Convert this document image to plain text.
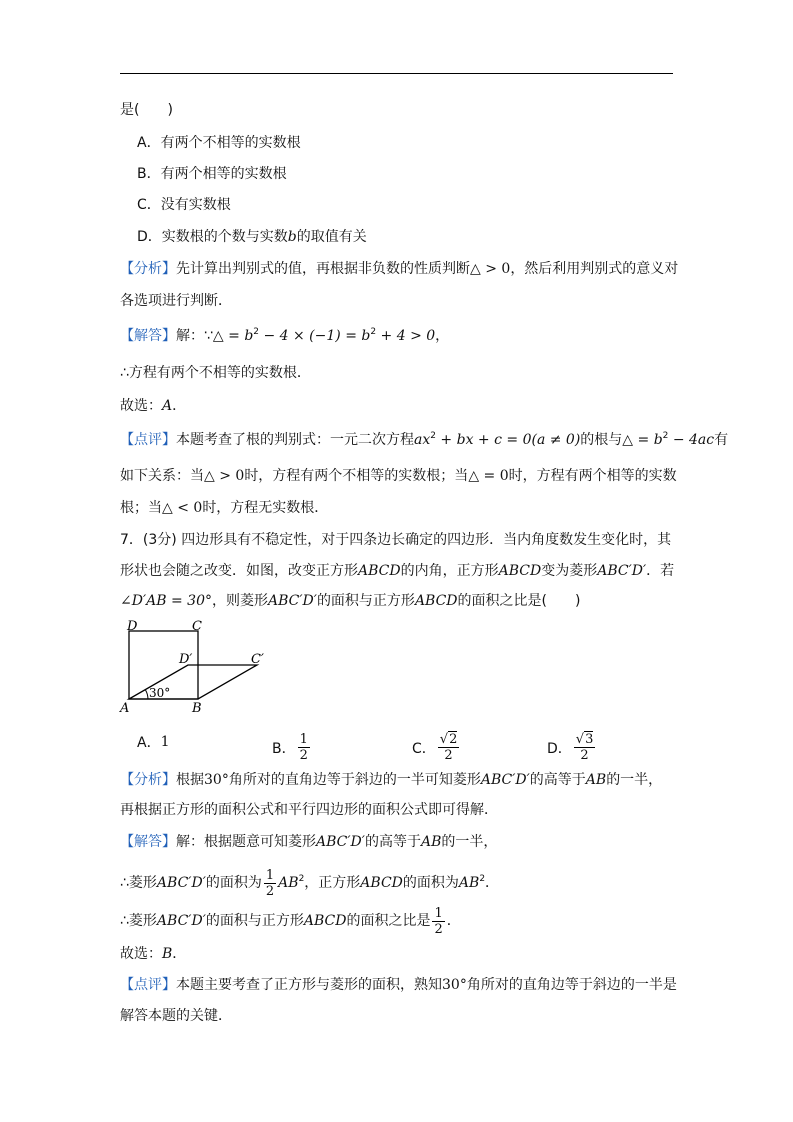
是(　　)
A．有两个不相等的实数根
B．有两个相等的实数根
C．没有实数根
D．实数根的个数与实数b的取值有关
【分析】先计算出判别式的值，再根据非负数的性质判断△ > 0，然后利用判别式的意义对
各选项进行判断．
【解答】解：∵△ = $b^2 - 4 \times (-1) = b^2 + 4 > 0$，
∴方程有两个不相等的实数根．
故选：A．
【点评】本题考查了根的判别式：一元二次方程$ax^2$ + bx + c = 0(a ≠ 0)的根与△ = $b^2 - 4ac$有
如下关系：当△ > 0时，方程有两个不相等的实数根；当△ = 0时，方程有两个相等的实数
根；当△ < 0时，方程无实数根．
7．(3分) 四边形具有不稳定性，对于四条边长确定的四边形．当内角度数发生变化时，其
形状也会随之改变．如图，改变正方形ABCD的内角，正方形ABCD变为菱形ABC′D′．若
∠D′AB = 30°，则菱形ABC′D′的面积与正方形ABCD的面积之比是(　　)
D	C
D′	C′
A	B
30°
A． 1	B． $\frac{1}{2}$	C． $\frac{√2}{2}$	D． $\frac{√3}{2}$
【分析】根据30°角所对的直角边等于斜边的一半可知菱形ABC′D′的高等于AB的一半，
再根据正方形的面积公式和平行四边形的面积公式即可得解．
【解答】解：根据题意可知菱形ABC′D′的高等于AB的一半，
∴菱形ABC′D′的面积为 $\frac{1}{2} AB^2$，正方形ABCD的面积为$AB^2$．
∴菱形ABC′D′的面积与正方形ABCD的面积之比是 $\frac{1}{2}$ ．
故选：B．
【点评】本题主要考查了正方形与菱形的面积，熟知30°角所对的直角边等于斜边的一半是
解答本题的关键．
